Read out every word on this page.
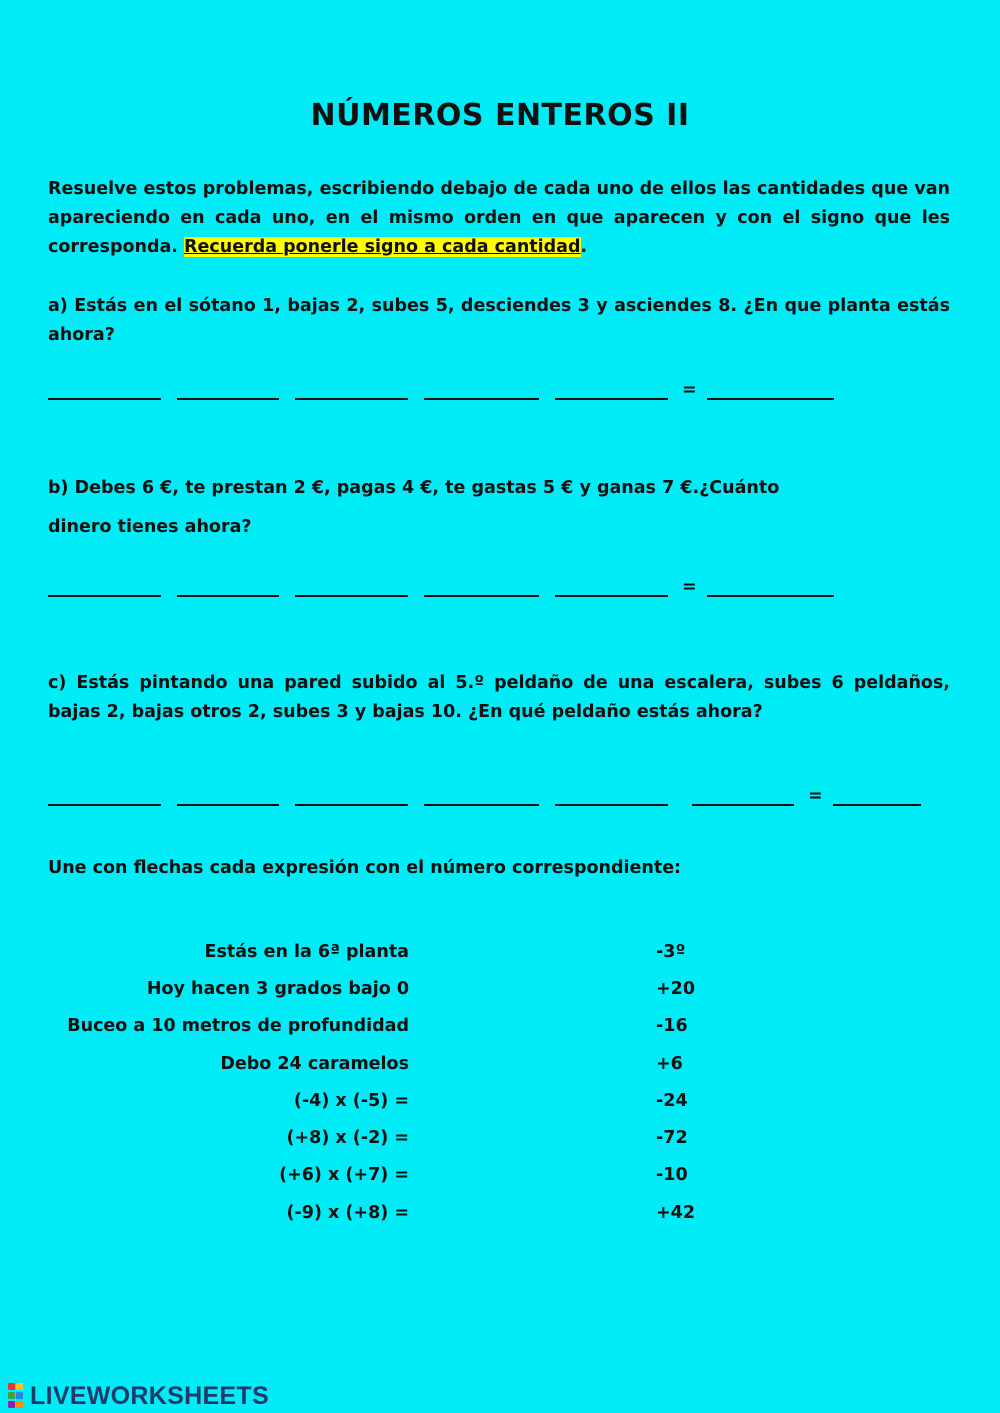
NÚMEROS ENTEROS II
Resuelve estos problemas, escribiendo debajo de cada uno de ellos las cantidades que van apareciendo en cada uno, en el mismo orden en que aparecen y con el signo que les corresponda. Recuerda ponerle signo a cada cantidad.
a) Estás en el sótano 1, bajas 2, subes 5, desciendes 3 y asciendes 8. ¿En que planta estás ahora?
=
b) Debes 6 €, te prestan 2 €, pagas 4 €, te gastas 5 € y ganas 7 €.¿Cuánto
dinero tienes ahora?
=
c) Estás pintando una pared subido al 5.º peldaño de una escalera, subes 6 peldaños, bajas 2, bajas otros 2, subes 3 y bajas 10. ¿En qué peldaño estás ahora?
=
Une con flechas cada expresión con el número correspondiente:
Estás en la 6ª planta
Hoy hacen 3 grados bajo 0
Buceo a 10 metros de profundidad
Debo 24 caramelos
(-4) x (-5) =
(+8) x (-2) =
(+6) x (+7) =
(-9) x (+8) =
-3º
+20
-16
+6
-24
-72
-10
+42
LIVEWORKSHEETS
